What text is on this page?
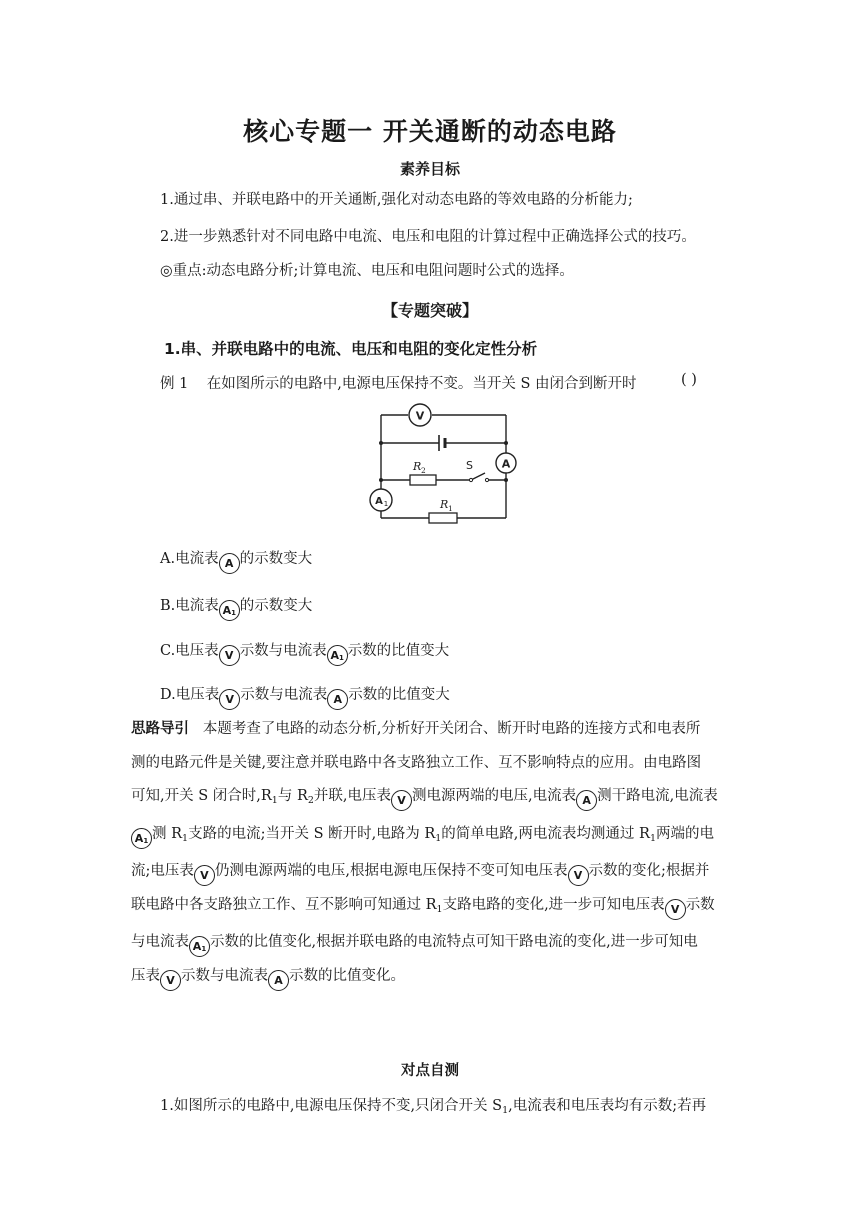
核心专题一 开关通断的动态电路
素养目标
1.通过串、并联电路中的开关通断,强化对动态电路的等效电路的分析能力;
2.进一步熟悉针对不同电路中电流、电压和电阻的计算过程中正确选择公式的技巧。
◎重点:动态电路分析;计算电流、电压和电阻问题时公式的选择。
【专题突破】
1.串、并联电路中的电流、电压和电阻的变化定性分析
例 1 在如图所示的电路中,电源电压保持不变。当开关 S 由闭合到断开时	( )
V
A
A 1
R 2	S
R 1
A.电流表 A 的示数变大
B.电流表 $A_1$ 的示数变大
C.电压表 V 示数与电流表 $A_1$ 示数的比值变大
D.电压表 V 示数与电流表 A 示数的比值变大

思路导引 本题考查了电路的动态分析,分析好开关闭合、断开时电路的连接方式和电表所

测的电路元件是关键,要注意并联电路中各支路独立工作、互不影响特点的应用。由电路图

可知,开关 S 闭合时$,R_1$与 $R_2$并联,电压表 V 测电源两端的电压,电流表 A 测干路电流,电流表

$A_1$ 测 $R_1$支路的电流;当开关 S 断开时,电路为 $R_1$的简单电路,两电流表均测通过 $R_1$两端的电

流;电压表 V 仍测电源两端的电压,根据电源电压保持不变可知电压表 V 示数的变化;根据并

联电路中各支路独立工作、互不影响可知通过 $R_1$支路电路的变化,进一步可知电压表 V 示数

与电流表 $A_1$ 示数的比值变化,根据并联电路的电流特点可知干路电流的变化,进一步可知电

压表 V 示数与电流表 A 示数的比值变化。

对点自测
1.如图所示的电路中,电源电压保持不变,只闭合开关 $S_1$,电流表和电压表均有示数;若再
